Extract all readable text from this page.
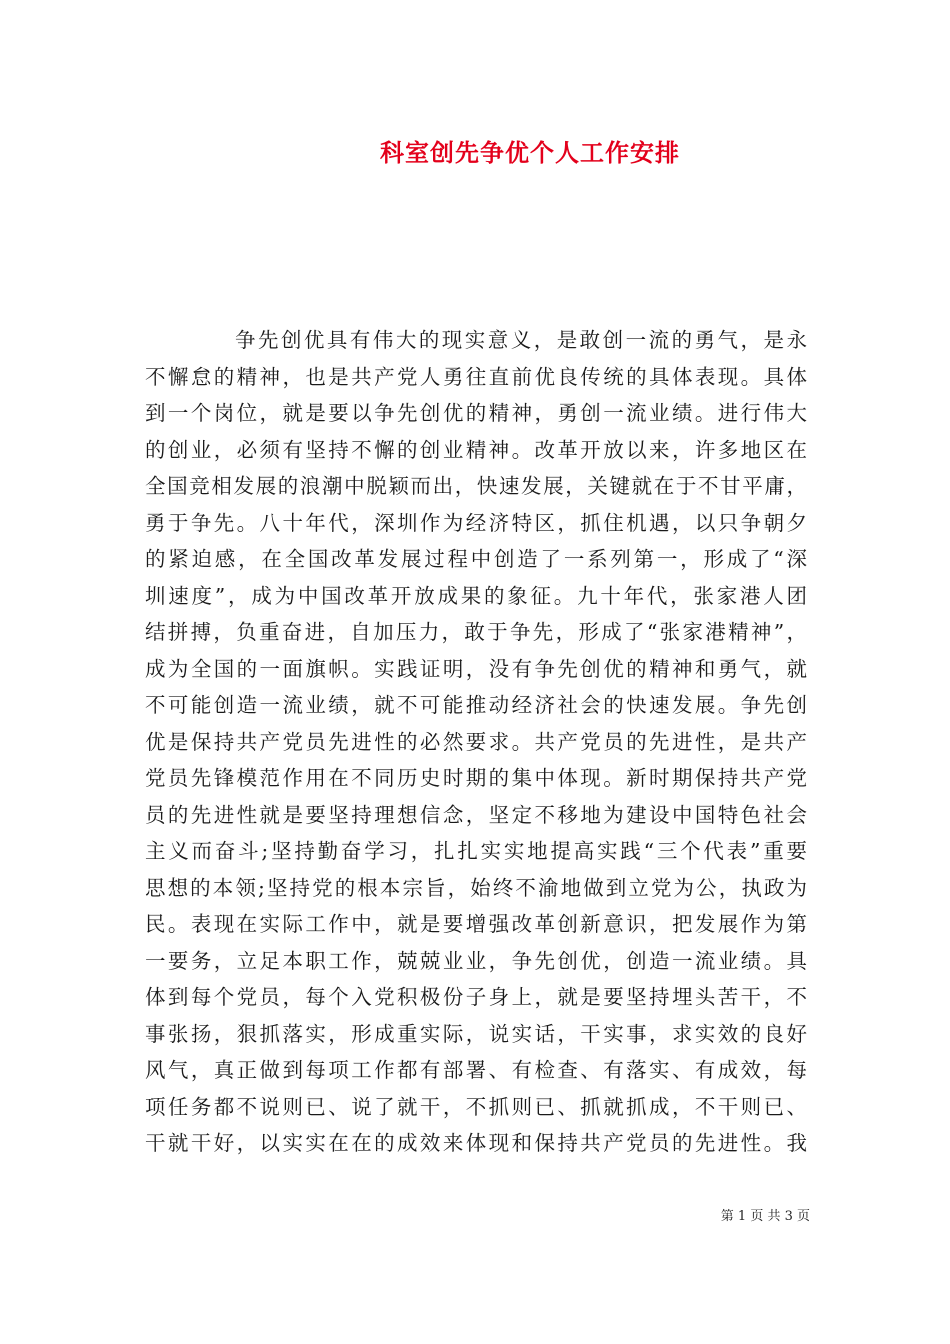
科室创先争优个人工作安排
争先创优具有伟大的现实意义，是敢创一流的勇气，是永
不懈怠的精神，也是共产党人勇往直前优良传统的具体表现。具体
到一个岗位，就是要以争先创优的精神，勇创一流业绩。进行伟大
的创业，必须有坚持不懈的创业精神。改革开放以来，许多地区在
全国竞相发展的浪潮中脱颖而出，快速发展，关键就在于不甘平庸，
勇于争先。八十年代，深圳作为经济特区，抓住机遇，以只争朝夕
的紧迫感，在全国改革发展过程中创造了一系列第一，形成了“深
圳速度”，成为中国改革开放成果的象征。九十年代，张家港人团
结拼搏，负重奋进，自加压力，敢于争先，形成了“张家港精神”，
成为全国的一面旗帜。实践证明，没有争先创优的精神和勇气，就
不可能创造一流业绩，就不可能推动经济社会的快速发展。争先创
优是保持共产党员先进性的必然要求。共产党员的先进性，是共产
党员先锋模范作用在不同历史时期的集中体现。新时期保持共产党
员的先进性就是要坚持理想信念，坚定不移地为建设中国特色社会
主义而奋斗;坚持勤奋学习，扎扎实实地提高实践“三个代表”重要
思想的本领;坚持党的根本宗旨，始终不渝地做到立党为公，执政为
民。表现在实际工作中，就是要增强改革创新意识，把发展作为第
一要务，立足本职工作，兢兢业业，争先创优，创造一流业绩。具
体到每个党员，每个入党积极份子身上，就是要坚持埋头苦干，不
事张扬，狠抓落实，形成重实际，说实话，干实事，求实效的良好
风气，真正做到每项工作都有部署、有检查、有落实、有成效，每
项任务都不说则已、说了就干，不抓则已、抓就抓成，不干则已、
干就干好，以实实在在的成效来体现和保持共产党员的先进性。我
第 1 页 共 3 页
